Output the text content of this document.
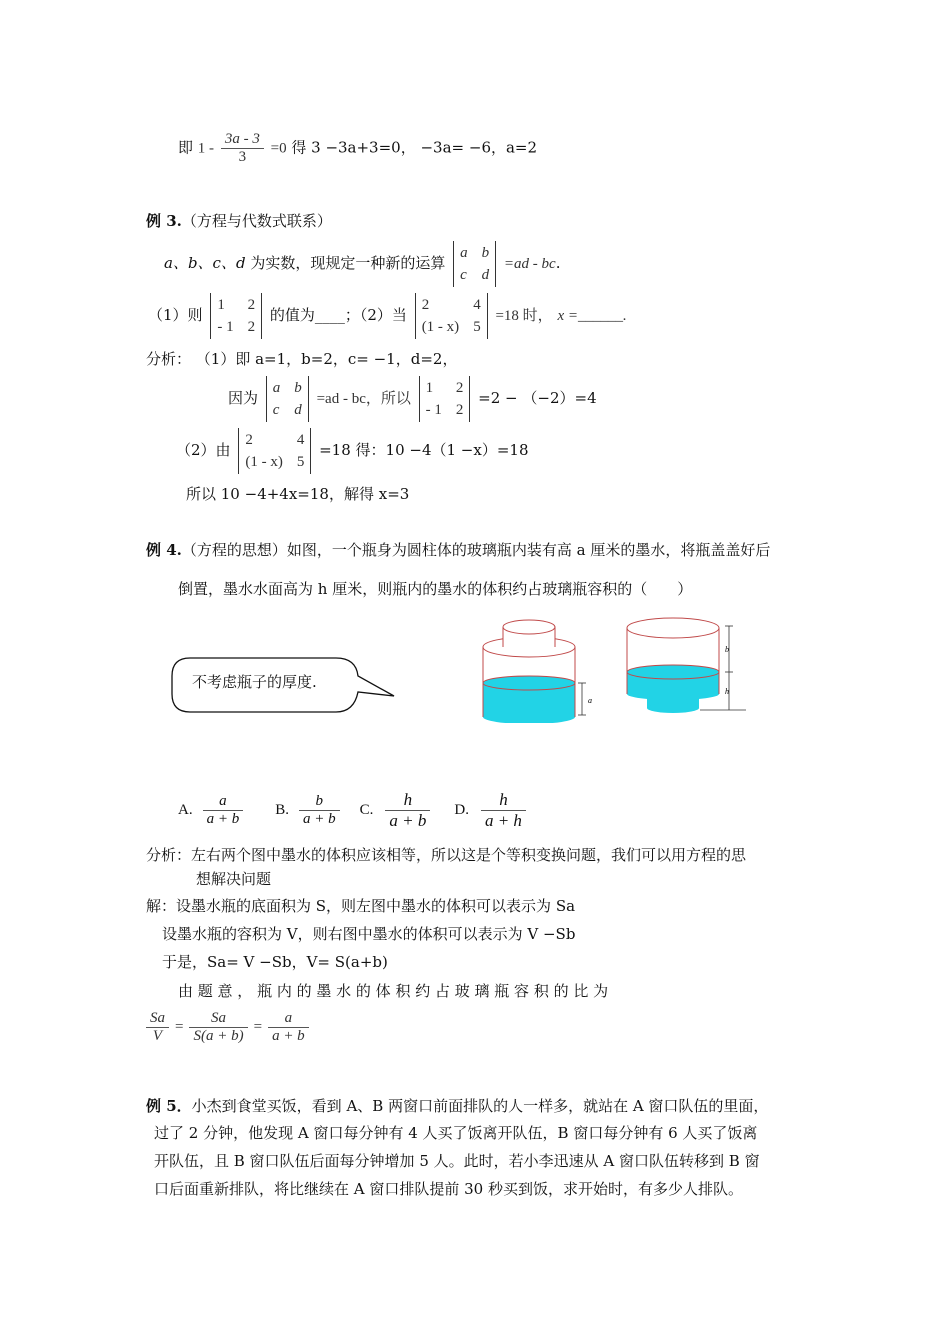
即 $1 - \frac{3a - 3}{3} =0$ 得 3 −3a+3=0， −3a= −6，a=2
例 3.（方程与代数式联系）
a、b、c、d 为实数，现规定一种新的运算
a b
c d
=ad - bc.
（1）则
1 2
- 1 2
的值为____；（2）当
2	4
(1 - x) 5
=18 时， x =______.
分析： （1）即 a=1，b=2，c= −1，d=2，
因为
a b
c d
=ad - bc，所以
1 2
- 1 2
=2 − （−2）=4
（2）由
2	4
(1 - x) 5
=18 得：10 −4（1 −x）=18
所以 10 −4+4x=18，解得 x=3
例 4.（方程的思想）如图，一个瓶身为圆柱体的玻璃瓶内装有高 a 厘米的墨水，将瓶盖盖好后
倒置，墨水水面高为 h 厘米，则瓶内的墨水的体积约占玻璃瓶容积的（　　）
不考虑瓶子的厚度.
a
b
h
A. $\frac{a}{a + b} B$. $\frac{b}{a + b} C$. $\frac{h}{a + b} D$. $\frac{h}{a + h}$
分析：左右两个图中墨水的体积应该相等，所以这是个等积变换问题，我们可以用方程的思
想解决问题
解：设墨水瓶的底面积为 S，则左图中墨水的体积可以表示为 Sa
设墨水瓶的容积为 V，则右图中墨水的体积可以表示为 V −Sb
于是，Sa= V −Sb，V= S(a+b)
由 题 意 ， 瓶 内 的 墨 水 的 体 积 约 占 玻 璃 瓶 容 积 的 比 为
$\frac{Sa}{V} = \frac{Sa}{S(a + b)} = \frac{a}{a + b}$
例 5．小杰到食堂买饭，看到 A、B 两窗口前面排队的人一样多，就站在 A 窗口队伍的里面，
过了 2 分钟，他发现 A 窗口每分钟有 4 人买了饭离开队伍，B 窗口每分钟有 6 人买了饭离
开队伍，且 B 窗口队伍后面每分钟增加 5 人。此时，若小李迅速从 A 窗口队伍转移到 B 窗
口后面重新排队，将比继续在 A 窗口排队提前 30 秒买到饭，求开始时，有多少人排队。
